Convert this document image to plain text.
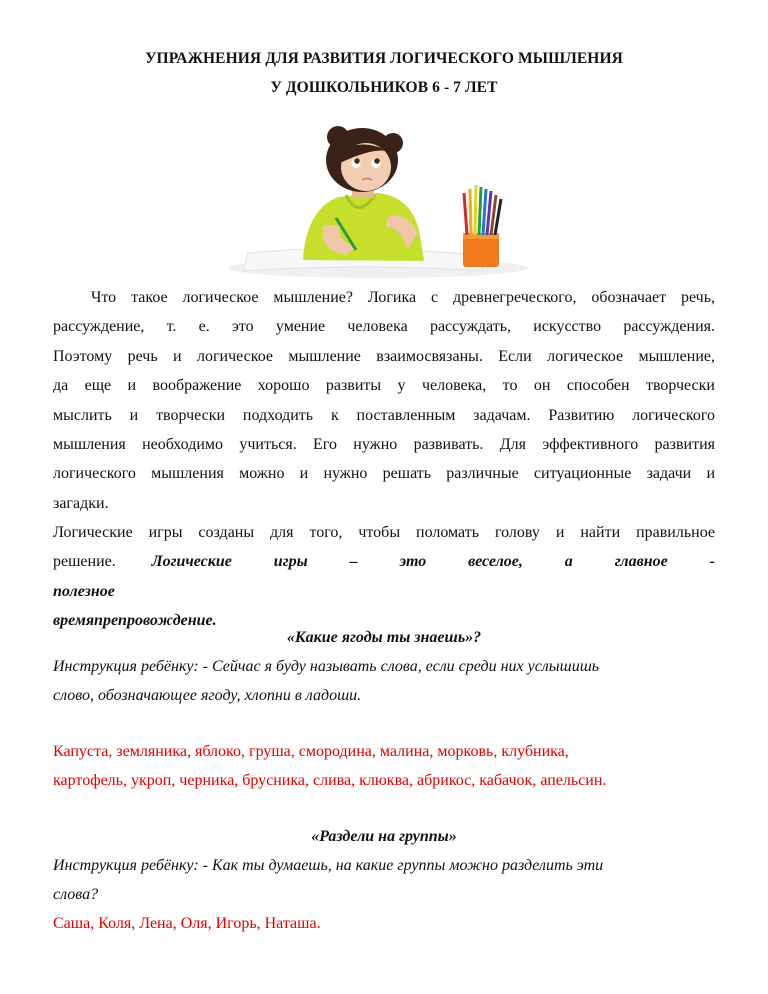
УПРАЖНЕНИЯ ДЛЯ РАЗВИТИЯ ЛОГИЧЕСКОГО МЫШЛЕНИЯ
У ДОШКОЛЬНИКОВ 6 - 7 ЛЕТ
Что такое логическое мышление? Логика с древнегреческого, обозначает речь,
рассуждение, т. е. это умение человека рассуждать, искусство рассуждения.
Поэтому речь и логическое мышление взаимосвязаны. Если логическое мышление,
да еще и воображение хорошо развиты у человека, то он способен творчески
мыслить и творчески подходить к поставленным задачам. Развитию логического
мышления необходимо учиться. Его нужно развивать. Для эффективного развития
логического мышления можно и нужно решать различные ситуационные задачи и
загадки.
Логические игры созданы для того, чтобы поломать голову и найти правильное
решение. Логические игры – это веселое, а главное - полезное
времяпрепровождение.
«Какие ягоды ты знаешь»?
Инструкция ребёнку: - Сейчас я буду называть слова, если среди них услышишь
слово, обозначающее ягоду, хлопни в ладоши.
Капуста, земляника, яблоко, груша, смородина, малина, морковь, клубника,
картофель, укроп, черника, брусника, слива, клюква, абрикос, кабачок, апельсин.
«Раздели на группы»
Инструкция ребёнку: - Как ты думаешь, на какие группы можно разделить эти
слова?
Саша, Коля, Лена, Оля, Игорь, Наташа.
